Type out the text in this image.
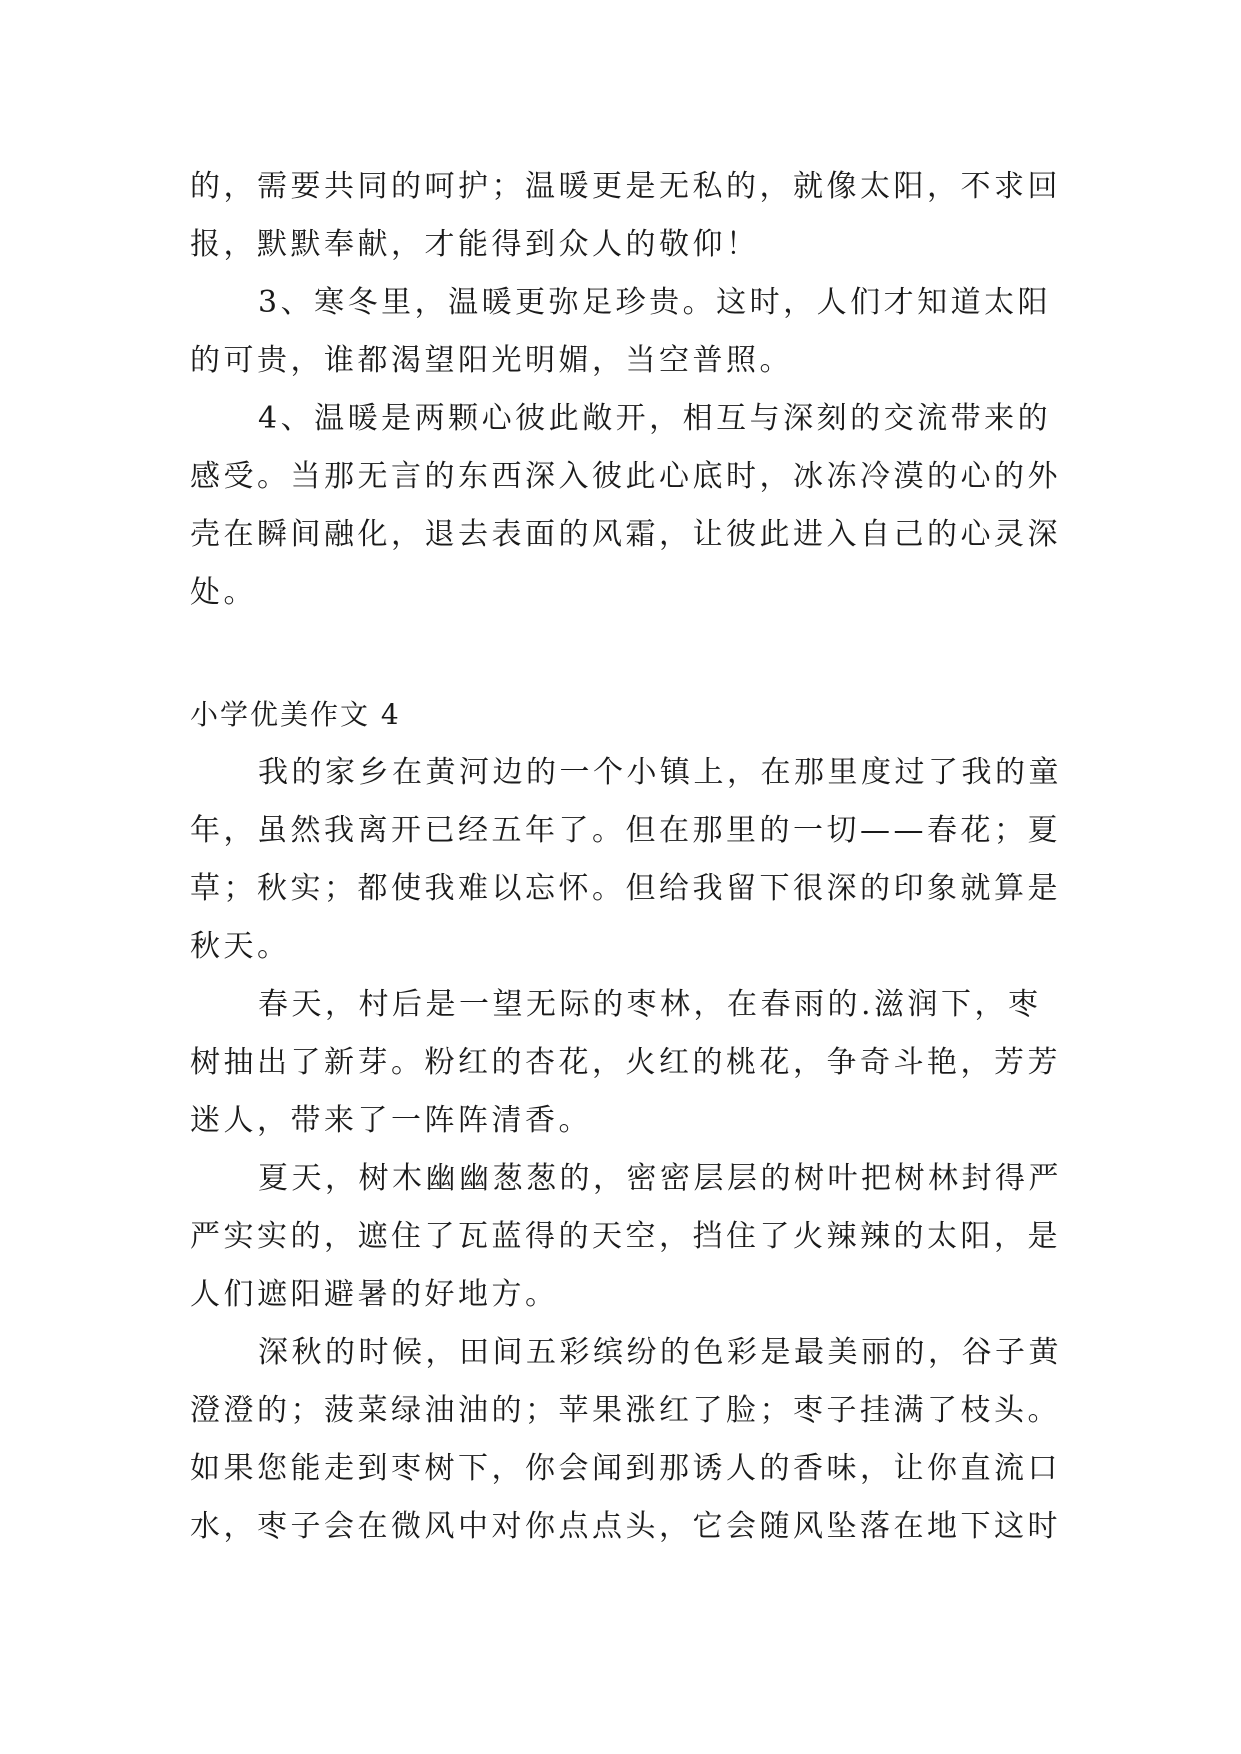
的，需要共同的呵护；温暖更是无私的，就像太阳，不求回
报，默默奉献，才能得到众人的敬仰！
3、寒冬里，温暖更弥足珍贵。这时，人们才知道太阳
的可贵，谁都渴望阳光明媚，当空普照。
4、温暖是两颗心彼此敞开，相互与深刻的交流带来的
感受。当那无言的东西深入彼此心底时，冰冻冷漠的心的外
壳在瞬间融化，退去表面的风霜，让彼此进入自己的心灵深
处。
小学优美作文 4
我的家乡在黄河边的一个小镇上，在那里度过了我的童
年，虽然我离开已经五年了。但在那里的一切——春花；夏
草；秋实；都使我难以忘怀。但给我留下很深的印象就算是
秋天。
春天，村后是一望无际的枣林，在春雨的.滋润下，枣
树抽出了新芽。粉红的杏花，火红的桃花，争奇斗艳，芳芳
迷人，带来了一阵阵清香。
夏天，树木幽幽葱葱的，密密层层的树叶把树林封得严
严实实的，遮住了瓦蓝得的天空，挡住了火辣辣的太阳，是
人们遮阳避暑的好地方。
深秋的时候，田间五彩缤纷的色彩是最美丽的，谷子黄
澄澄的；菠菜绿油油的；苹果涨红了脸；枣子挂满了枝头。
如果您能走到枣树下，你会闻到那诱人的香味，让你直流口
水，枣子会在微风中对你点点头，它会随风坠落在地下这时
